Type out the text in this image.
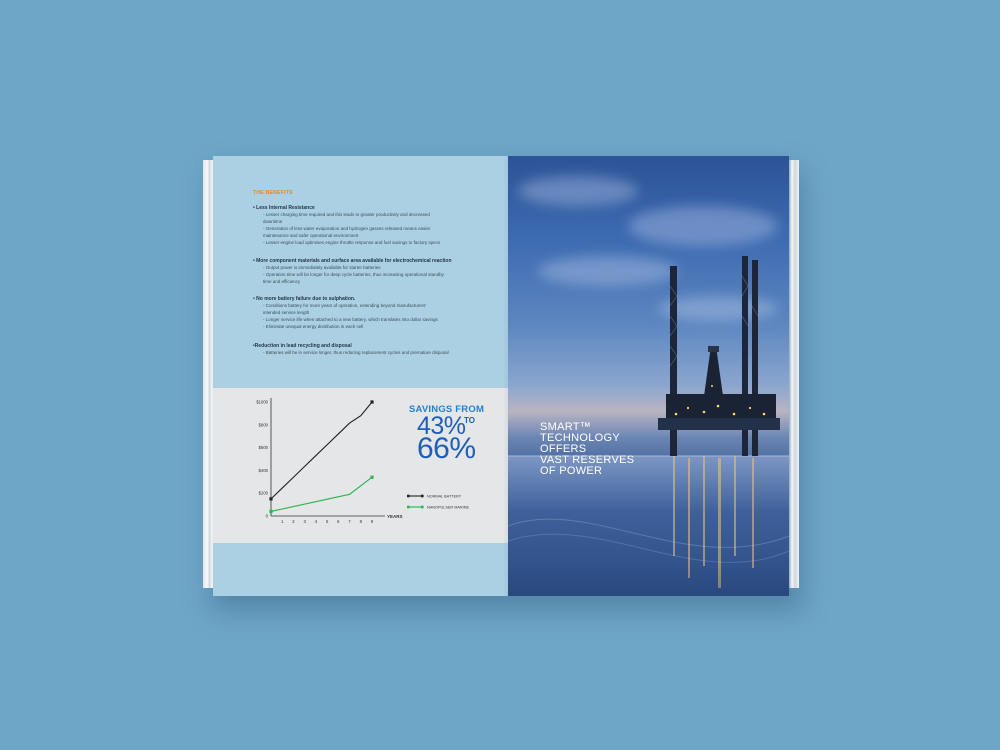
THE BENEFITS
• Less Internal Resistance
- Lesser charging time required and this leads to greater productivity and decreased
downtime
- Generation of less water evaporation and hydrogen gasses released means easier
maintenance and safer operational environment
- Lesser engine load optimises engine throttle response and fuel savings to factory specs
• More component materials and surface area available for electrochemical reaction
- Output power is immediately available for starter batteries
- Operation time will be longer for deep cycle batteries, thus increasing operational standby
time and efficiency
• No more battery failure due to sulphation.
- Conditions battery for more years of operation, extending beyond manufacturers'
intended service length
- Longer service life when attached to a new battery, which translates into dollar savings
- Eliminate unequal energy distribution in each cell
•Reduction in lead recycling and disposal
- Batteries will be in service longer, thus reducing replacement cycles and premature disposal
$1000
$800
$600
$400
$200
0
1 2 3 4 5 6 7 8 9
YEARS
NORMAL BATTERY
NANOPULSER MARINE
SAVINGS FROM
43%
TO
66%
SMART™
TECHNOLOGY
OFFERS
VAST RESERVES
OF POWER
